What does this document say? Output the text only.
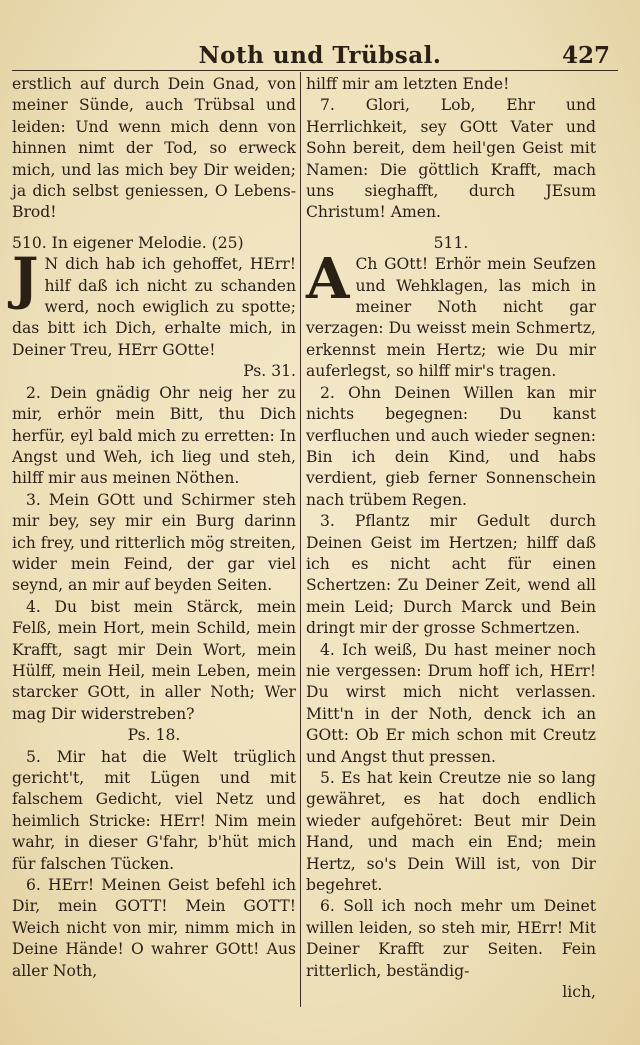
Noth und Trübsal.	427

erstlich auf durch Dein Gnad, von meiner Sünde, auch Trübsal und leiden: Und wenn mich denn von hinnen nimt der Tod, so erweck mich, und las mich bey Dir weiden; ja dich selbst geniessen, O Lebens-Brod!

510. In eigener Melodie. (25)

J N dich hab ich gehoffet, HErr! hilf daß ich nicht zu schanden werd, noch ewiglich zu spotte; das bitt ich Dich, erhalte mich, in Deiner Treu, HErr GOtte!

Ps. 31.

2. Dein gnädig Ohr neig her zu mir, erhör mein Bitt, thu Dich herfür, eyl bald mich zu erretten: In Angst und Weh, ich lieg und steh, hilff mir aus meinen Nöthen.

3. Mein GOtt und Schirmer steh mir bey, sey mir ein Burg darinn ich frey, und ritterlich mög streiten, wider mein Feind, der gar viel seynd, an mir auf beyden Seiten.

4. Du bist mein Stärck, mein Felß, mein Hort, mein Schild, mein Krafft, sagt mir Dein Wort, mein Hülff, mein Heil, mein Leben, mein starcker GOtt, in aller Noth; Wer mag Dir widerstreben?

Ps. 18.

5. Mir hat die Welt trüglich gericht't, mit Lügen und mit falschem Gedicht, viel Netz und heimlich Stricke: HErr! Nim mein wahr, in dieser G'fahr, b'hüt mich für falschen Tücken.

6. HErr! Meinen Geist befehl ich Dir, mein GOTT! Mein GOTT! Weich nicht von mir, nimm mich in Deine Hände! O wahrer GOtt! Aus aller Noth,

hilff mir am letzten Ende!

7. Glori, Lob, Ehr und Herrlichkeit, sey GOtt Vater und Sohn bereit, dem heil'gen Geist mit Namen: Die göttlich Krafft, mach uns sieghafft, durch JEsum Christum! Amen.

511.

A Ch GOtt! Erhör mein Seufzen und Wehklagen, las mich in meiner Noth nicht gar verzagen: Du weisst mein Schmertz, erkennst mein Hertz; wie Du mir auferlegst, so hilff mir's tragen.

2. Ohn Deinen Willen kan mir nichts begegnen: Du kanst verfluchen und auch wieder segnen: Bin ich dein Kind, und habs verdient, gieb ferner Sonnenschein nach trübem Regen.

3. Pflantz mir Gedult durch Deinen Geist im Hertzen; hilff daß ich es nicht acht für einen Schertzen: Zu Deiner Zeit, wend all mein Leid; Durch Marck und Bein dringt mir der grosse Schmertzen.

4. Ich weiß, Du hast meiner noch nie vergessen: Drum hoff ich, HErr! Du wirst mich nicht verlassen. Mitt'n in der Noth, denck ich an GOtt: Ob Er mich schon mit Creutz und Angst thut pressen.

5. Es hat kein Creutze nie so lang gewähret, es hat doch endlich wieder aufgehöret: Beut mir Dein Hand, und mach ein End; mein Hertz, so's Dein Will ist, von Dir begehret.

6. Soll ich noch mehr um Deinet willen leiden, so steh mir, HErr! Mit Deiner Krafft zur Seiten. Fein ritterlich, beständig-

lich,
